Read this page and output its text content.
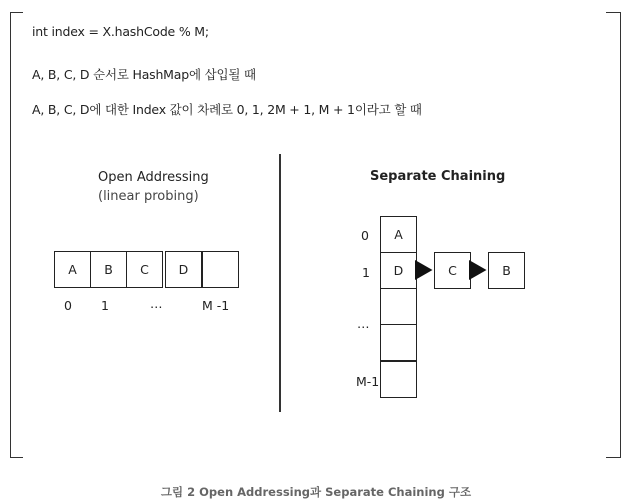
int index = X.hashCode % M;
A, B, C, D 순서로 HashMap에 삽입될 때
A, B, C, D에 대한 Index 값이 차례로 0, 1, 2M + 1, M + 1이라고 할 때
Open Addressing
(linear probing)
A	B	C	D
0 1	…	M -1
Separate Chaining
A
D
0
1
…
M-1
C	B
그림 2 Open Addressing과 Separate Chaining 구조
